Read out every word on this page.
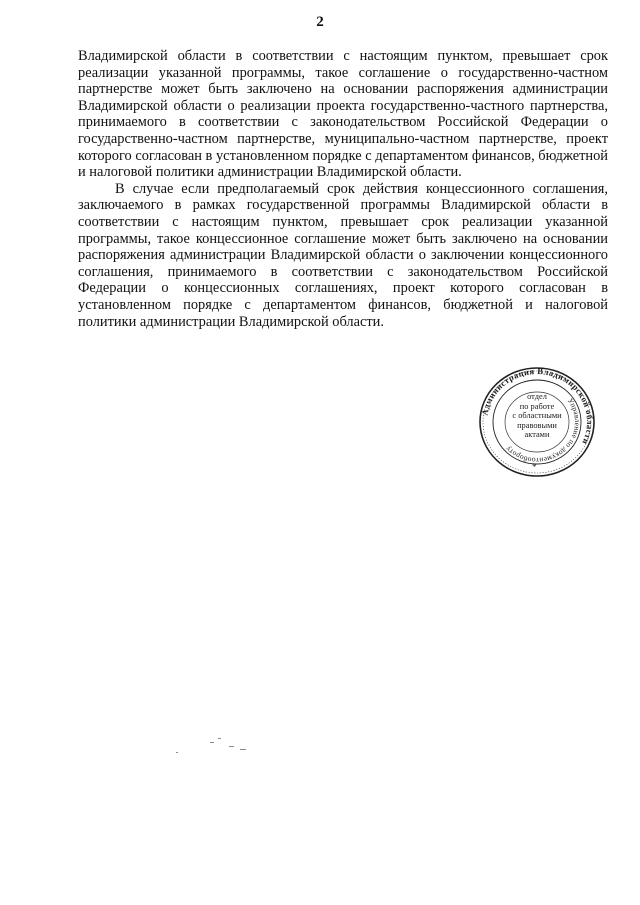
2

Владимирской области в соответствии с настоящим пунктом, превышает срок реализации указанной программы, такое соглашение о государственно-частном партнерстве может быть заключено на основании распоряжения администрации Владимирской области о реализации проекта государственно-частного партнерства, принимаемого в соответствии с законодательством Российской Федерации о государственно-частном партнерстве, муниципально-частном партнерстве, проект которого согласован в установленном порядке с департаментом финансов, бюджетной и налоговой политики администрации Владимирской области.

В случае если предполагаемый срок действия концессионного соглашения, заключаемого в рамках государственной программы Владимирской области в соответствии с настоящим пунктом, превышает срок реализации указанной программы, такое концессионное соглашение может быть заключено на основании распоряжения администрации Владимирской области о заключении концессионного соглашения, принимаемого в соответствии с законодательством Российской Федерации о концессионных соглашениях, проект которого согласован в установленном порядке с департаментом финансов, бюджетной и налоговой политики администрации Владимирской области.

Администрация Владимирской области
Управление по документообороту
отдел
по работе
с областными
правовыми
актами
*
